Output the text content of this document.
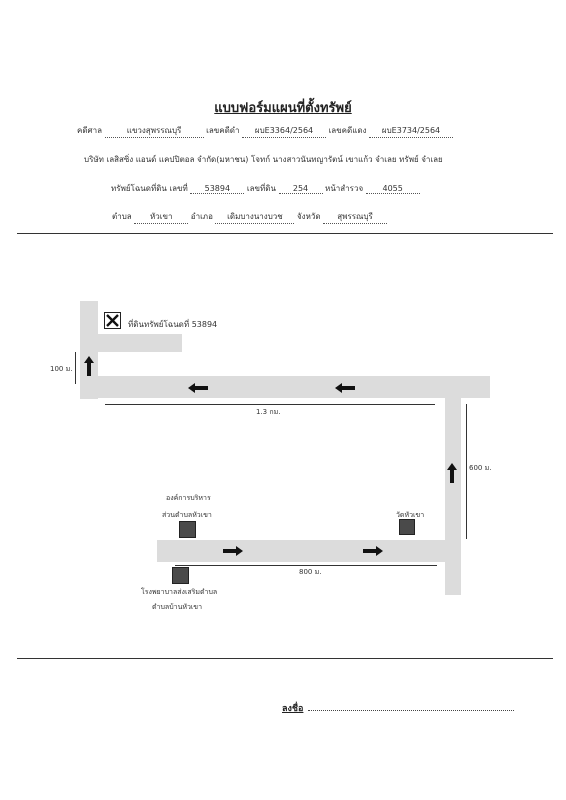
แบบฟอร์มแผนที่ตั้งทรัพย์
คดีศาล	แขวงสุพรรณบุรี	เลขคดีดำ ผบE3364/2564 เลขคดีแดง ผบE3734/2564
บริษัท เลสิสซิ่ง แอนด์ แคปปิตอล จำกัด(มหาชน) โจทก์ นางสาวนันทญารัตน์ เขาแก้ว จำเลย ทรัพย์ จำเลย
ทรัพย์โฉนดที่ดิน เลขที่ 53894 เลขที่ดิน 254 หน้าสำรวจ 4055
ตำบล หัวเขา อำเภอ เดิมบางนางบวช จังหวัด สุพรรณบุรี
ที่ดินทรัพย์โฉนดที่ 53894
100 ม.
1.3 กม.
600 ม.
800 ม.
องค์การบริหาร
ส่วนตำบลหัวเขา	วัดหัวเขา
โรงพยาบาลส่งเสริมตำบล
ตำบลบ้านหัวเขา
ลงชื่อ
